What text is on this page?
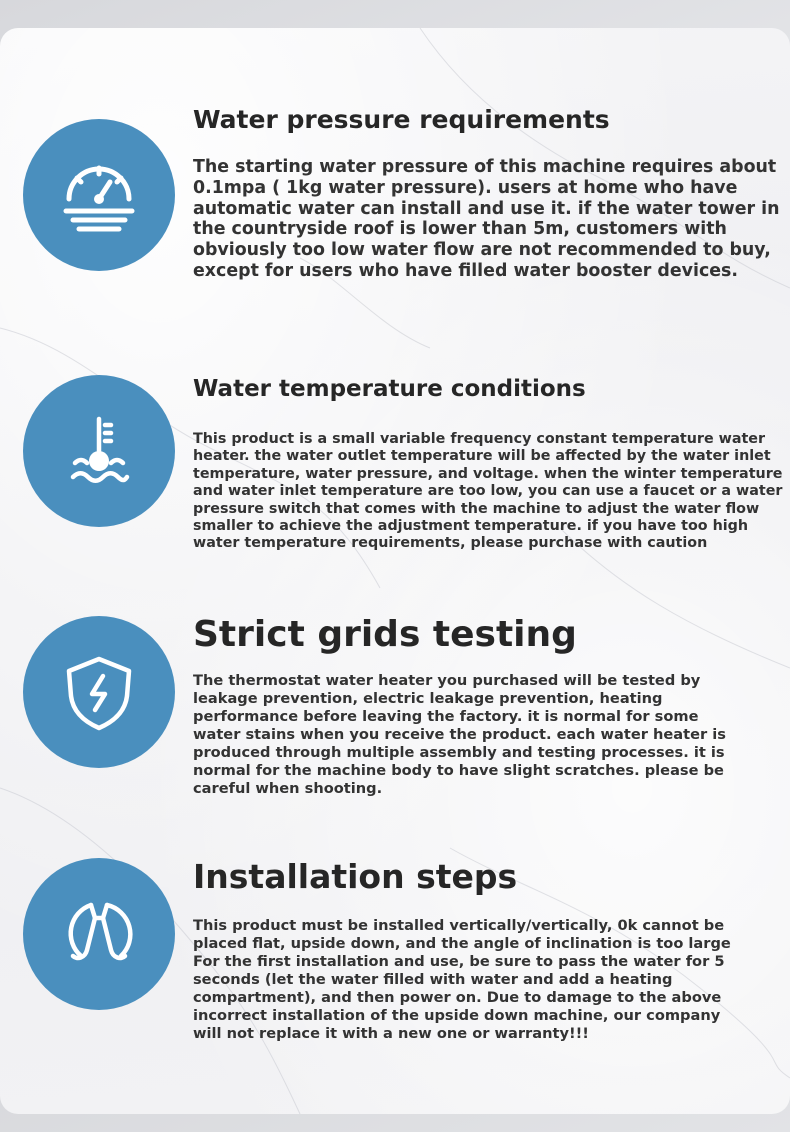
Water pressure requirements

The starting water pressure of this machine requires about
0.1mpa ( 1kg water pressure). users at home who have
automatic water can install and use it. if the water tower in
the countryside roof is lower than 5m, customers with
obviously too low water flow are not recommended to buy,
except for users who have filled water booster devices.

Water temperature conditions

This product is a small variable frequency constant temperature water
heater. the water outlet temperature will be affected by the water inlet
temperature, water pressure, and voltage. when the winter temperature
and water inlet temperature are too low, you can use a faucet or a water
pressure switch that comes with the machine to adjust the water flow
smaller to achieve the adjustment temperature. if you have too high
water temperature requirements, please purchase with caution

Strict grids testing

The thermostat water heater you purchased will be tested by
leakage prevention, electric leakage prevention, heating
performance before leaving the factory. it is normal for some
water stains when you receive the product. each water heater is
produced through multiple assembly and testing processes. it is
normal for the machine body to have slight scratches. please be
careful when shooting.

Installation steps

This product must be installed vertically/vertically, 0k cannot be
placed flat, upside down, and the angle of inclination is too large
For the first installation and use, be sure to pass the water for 5
seconds (let the water filled with water and add a heating
compartment), and then power on. Due to damage to the above
incorrect installation of the upside down machine, our company
will not replace it with a new one or warranty!!!
